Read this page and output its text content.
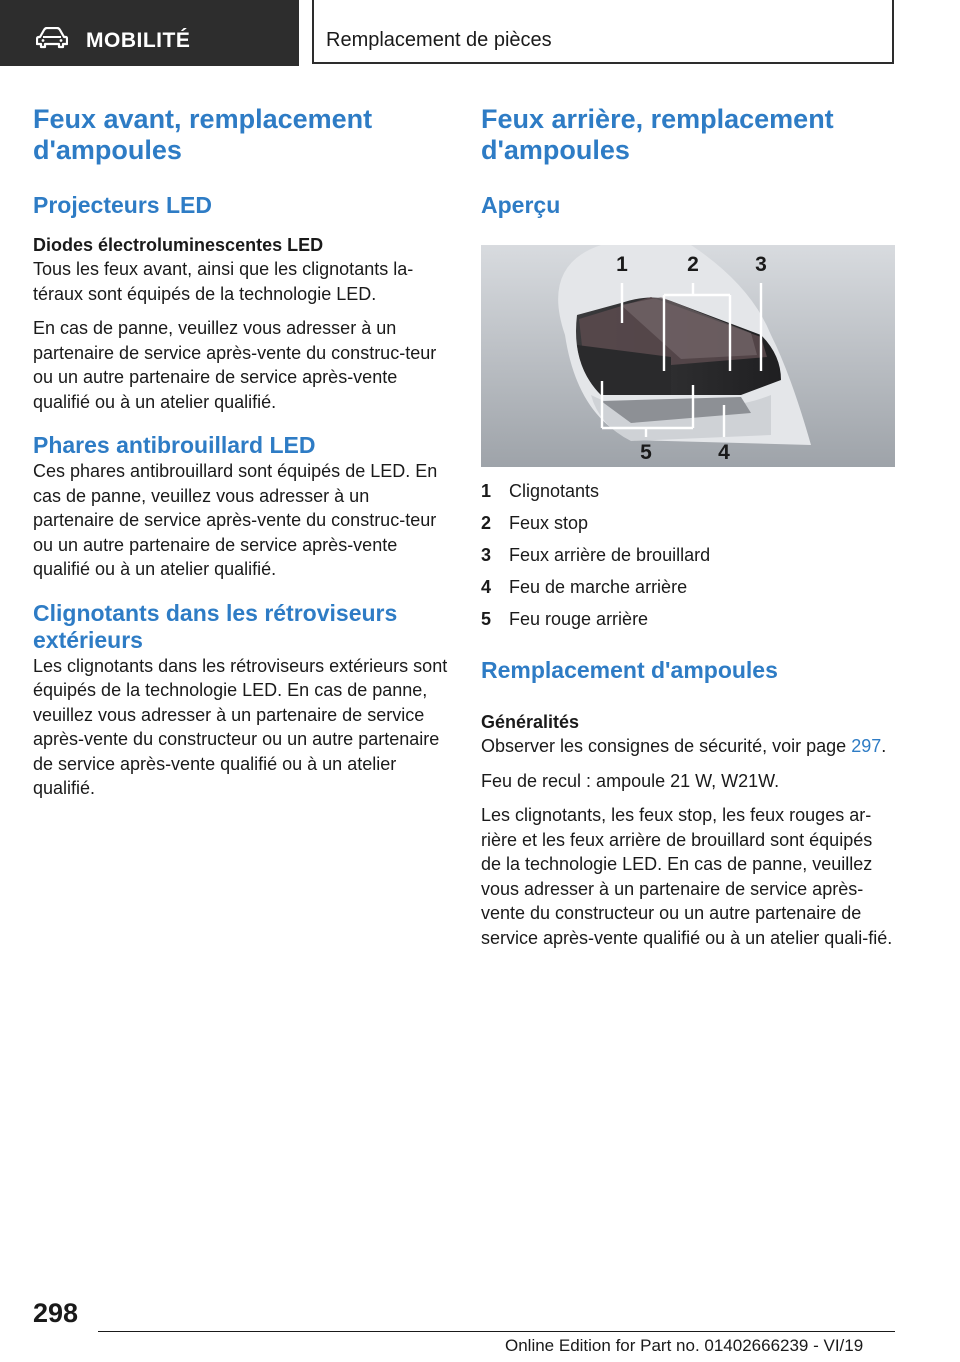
MOBILITÉ	Remplacement de pièces
Feux avant, remplacement d'ampoules
Projecteurs LED
Diodes électroluminescentes LED

Tous les feux avant, ainsi que les clignotants la-téraux sont équipés de la technologie LED.

En cas de panne, veuillez vous adresser à un partenaire de service après-vente du construc-teur ou un autre partenaire de service après-vente qualifié ou à un atelier qualifié.

Phares antibrouillard LED

Ces phares antibrouillard sont équipés de LED. En cas de panne, veuillez vous adresser à un partenaire de service après-vente du construc-teur ou un autre partenaire de service après-vente qualifié ou à un atelier qualifié.

Clignotants dans les rétroviseurs extérieurs

Les clignotants dans les rétroviseurs extérieurs sont équipés de la technologie LED. En cas de panne, veuillez vous adresser à un partenaire de service après-vente du constructeur ou un autre partenaire de service après-vente qualifié ou à un atelier qualifié.

Feux arrière, remplacement d'ampoules
Aperçu
1	2	3
4
5
1 Clignotants
2 Feux stop
3 Feux arrière de brouillard
4 Feu de marche arrière
5 Feu rouge arrière
Remplacement d'ampoules
Généralités

Observer les consignes de sécurité, voir page 297.

Feu de recul : ampoule 21 W, W21W.

Les clignotants, les feux stop, les feux rouges ar-rière et les feux arrière de brouillard sont équipés de la technologie LED. En cas de panne, veuillez vous adresser à un partenaire de service après-vente du constructeur ou un autre partenaire de service après-vente qualifié ou à un atelier quali-fié.

298
Online Edition for Part no. 01402666239 - VI/19
